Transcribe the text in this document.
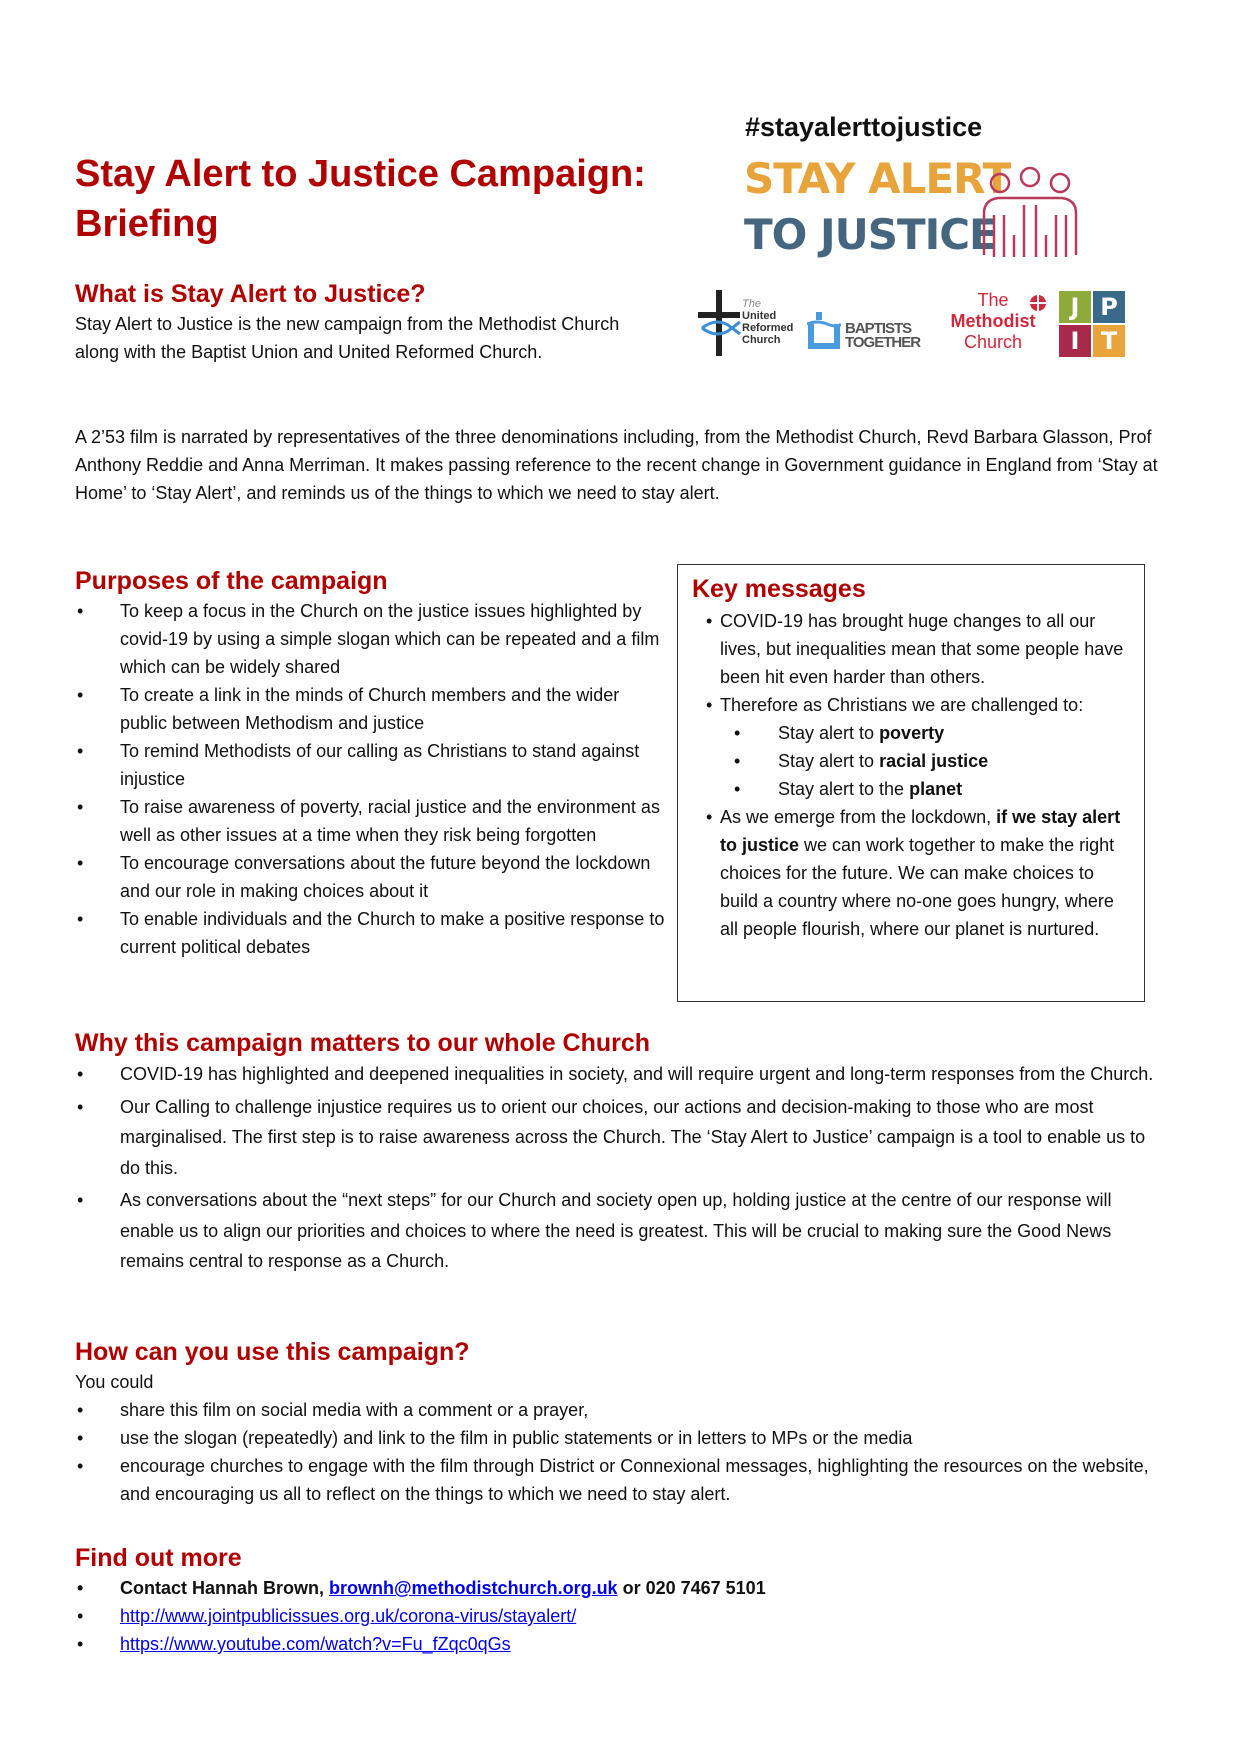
Stay Alert to Justice Campaign:
Briefing
#stayalerttojustice
STAY ALERT
TO JUSTICE
The
United
Reformed
Church
BAPTISTS
TOGETHER
The
Methodist
Church
J P
I T
What is Stay Alert to Justice?

Stay Alert to Justice is the new campaign from the Methodist Church along with the Baptist Union and United Reformed Church.

A 2’53 film is narrated by representatives of the three denominations including, from the Methodist Church, Revd Barbara Glasson, Prof Anthony Reddie and Anna Merriman. It makes passing reference to the recent change in Government guidance in England from ‘Stay at Home’ to ‘Stay Alert’, and reminds us of the things to which we need to stay alert.

Purposes of the campaign
• To keep a focus in the Church on the justice issues highlighted by covid-19 by using a simple slogan which can be repeated and a film which can be widely shared
• To create a link in the minds of Church members and the wider public between Methodism and justice
• To remind Methodists of our calling as Christians to stand against injustice
• To raise awareness of poverty, racial justice and the environment as well as other issues at a time when they risk being forgotten
• To encourage conversations about the future beyond the lockdown and our role in making choices about it
• To enable individuals and the Church to make a positive response to current political debates
Key messages
• COVID-19 has brought huge changes to all our lives, but inequalities mean that some people have been hit even harder than others.
• Therefore as Christians we are challenged to:
• Stay alert to poverty
• Stay alert to racial justice
• Stay alert to the planet
• As we emerge from the lockdown, if we stay alert to justice we can work together to make the right choices for the future. We can make choices to build a country where no-one goes hungry, where all people flourish, where our planet is nurtured.
Why this campaign matters to our whole Church
• COVID-19 has highlighted and deepened inequalities in society, and will require urgent and long-term responses from the Church.
• Our Calling to challenge injustice requires us to orient our choices, our actions and decision-making to those who are most marginalised. The first step is to raise awareness across the Church. The ‘Stay Alert to Justice’ campaign is a tool to enable us to do this.
• As conversations about the “next steps” for our Church and society open up, holding justice at the centre of our response will enable us to align our priorities and choices to where the need is greatest. This will be crucial to making sure the Good News remains central to response as a Church.
How can you use this campaign?

You could

• share this film on social media with a comment or a prayer,
• use the slogan (repeatedly) and link to the film in public statements or in letters to MPs or the media
• encourage churches to engage with the film through District or Connexional messages, highlighting the resources on the website, and encouraging us all to reflect on the things to which we need to stay alert.
Find out more
• Contact Hannah Brown, brownh@methodistchurch.org.uk or 020 7467 5101
• http://www.jointpublicissues.org.uk/corona-virus/stayalert/
• https://www.youtube.com/watch?v=Fu_fZqc0qGs
